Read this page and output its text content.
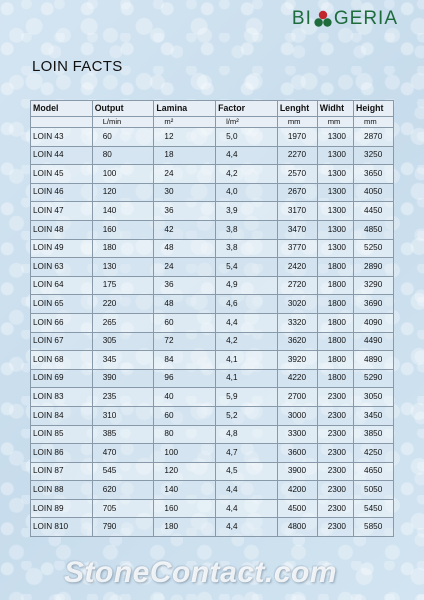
BI GERIA
LOIN FACTS
Model	Output	Lamina	Factor	Lenght	Widht	Height
	L/min	m²	l/m²	mm	mm	mm
LOIN 43	60	12	5,0	1970	1300	2870
LOIN 44	80	18	4,4	2270	1300	3250
LOIN 45	100	24	4,2	2570	1300	3650
LOIN 46	120	30	4,0	2670	1300	4050
LOIN 47	140	36	3,9	3170	1300	4450
LOIN 48	160	42	3,8	3470	1300	4850
LOIN 49	180	48	3,8	3770	1300	5250
LOIN 63	130	24	5,4	2420	1800	2890
LOIN 64	175	36	4,9	2720	1800	3290
LOIN 65	220	48	4,6	3020	1800	3690
LOIN 66	265	60	4,4	3320	1800	4090
LOIN 67	305	72	4,2	3620	1800	4490
LOIN 68	345	84	4,1	3920	1800	4890
LOIN 69	390	96	4,1	4220	1800	5290
LOIN 83	235	40	5,9	2700	2300	3050
LOIN 84	310	60	5,2	3000	2300	3450
LOIN 85	385	80	4,8	3300	2300	3850
LOIN 86	470	100	4,7	3600	2300	4250
LOIN 87	545	120	4,5	3900	2300	4650
LOIN 88	620	140	4,4	4200	2300	5050
LOIN 89	705	160	4,4	4500	2300	5450
LOIN 810	790	180	4,4	4800	2300	5850
StoneContact.com
